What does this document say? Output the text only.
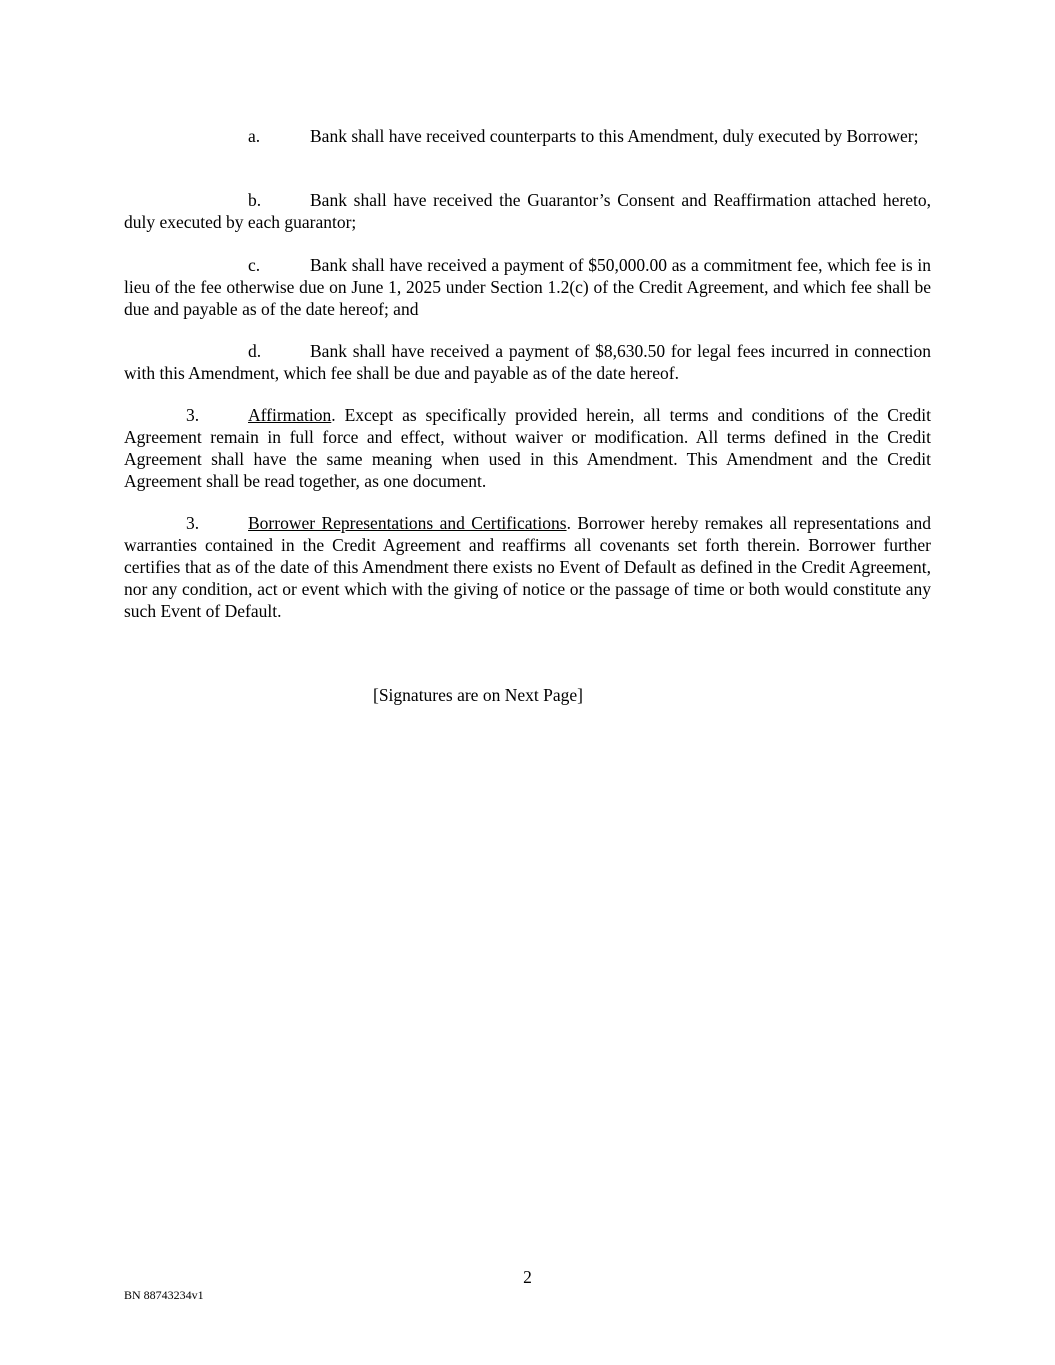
a.	Bank shall have received counterparts to this Amendment, duly executed by Borrower;

b.	Bank shall have received the Guarantor’s Consent and Reaffirmation attached hereto, duly executed by each guarantor;

c.	Bank shall have received a payment of $50,000.00 as a commitment fee, which fee is in lieu of the fee otherwise due on June 1, 2025 under Section 1.2(c) of the Credit Agreement, and which fee shall be due and payable as of the date hereof; and

d.	Bank shall have received a payment of $8,630.50 for legal fees incurred in connection with this Amendment, which fee shall be due and payable as of the date hereof.

3.	Affirmation. Except as specifically provided herein, all terms and conditions of the Credit Agreement remain in full force and effect, without waiver or modification. All terms defined in the Credit Agreement shall have the same meaning when used in this Amendment. This Amendment and the Credit Agreement shall be read together, as one document.

3.	Borrower Representations and Certifications. Borrower hereby remakes all representations and warranties contained in the Credit Agreement and reaffirms all covenants set forth therein. Borrower further certifies that as of the date of this Amendment there exists no Event of Default as defined in the Credit Agreement, nor any condition, act or event which with the giving of notice or the passage of time or both would constitute any such Event of Default.

[Signatures are on Next Page]

2

BN 88743234v1
